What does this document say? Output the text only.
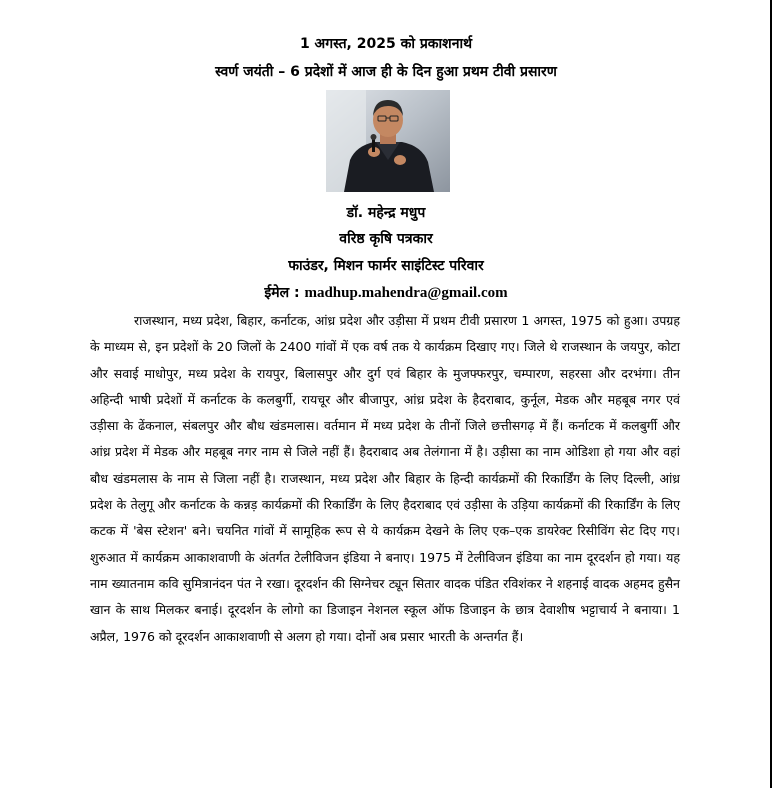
1 अगस्त, 2025 को प्रकाशनार्थ
स्वर्ण जयंती – 6 प्रदेशों में आज ही के दिन हुआ प्रथम टीवी प्रसारण
डॉ. महेन्द्र मधुप
वरिष्ठ कृषि पत्रकार
फाउंडर, मिशन फार्मर साइंटिस्ट परिवार
ईमेल : madhup.mahendra@gmail.com

राजस्थान, मध्य प्रदेश, बिहार, कर्नाटक, आंध्र प्रदेश और उड़ीसा में प्रथम टीवी प्रसारण 1 अगस्त, 1975 को हुआ। उपग्रह के माध्यम से, इन प्रदेशों के 20 जिलों के 2400 गांवों में एक वर्ष तक ये कार्यक्रम दिखाए गए। जिले थे राजस्थान के जयपुर, कोटा और सवाई माधोपुर, मध्य प्रदेश के रायपुर, बिलासपुर और दुर्ग एवं बिहार के मुजफ्फरपुर, चम्पारण, सहरसा और दरभंगा। तीन अहिन्दी भाषी प्रदेशों में कर्नाटक के कलबुर्गी, रायचूर और बीजापुर, आंध्र प्रदेश के हैदराबाद, कुर्नूल, मेडक और महबूब नगर एवं उड़ीसा के ढेंकनाल, संबलपुर और बौध खंडमलास। वर्तमान में मध्य प्रदेश के तीनों जिले छत्तीसगढ़ में हैं। कर्नाटक में कलबुर्गी और आंध्र प्रदेश में मेडक और महबूब नगर नाम से जिले नहीं हैं। हैदराबाद अब तेलंगाना में है। उड़ीसा का नाम ओडिशा हो गया और वहां बौध खंडमलास के नाम से जिला नहीं है। राजस्थान, मध्य प्रदेश और बिहार के हिन्दी कार्यक्रमों की रिकार्डिंग के लिए दिल्ली, आंध्र प्रदेश के तेलुगू और कर्नाटक के कन्नड़ कार्यक्रमों की रिकार्डिंग के लिए हैदराबाद एवं उड़ीसा के उड़िया कार्यक्रमों की रिकार्डिंग के लिए कटक में 'बेस स्टेशन' बने। चयनित गांवों में सामूहिक रूप से ये कार्यक्रम देखने के लिए एक–एक डायरेक्ट रिसीविंग सेट दिए गए। शुरुआत में कार्यक्रम आकाशवाणी के अंतर्गत टेलीविजन इंडिया ने बनाए। 1975 में टेलीविजन इंडिया का नाम दूरदर्शन हो गया। यह नाम ख्यातनाम कवि सुमित्रानंदन पंत ने रखा। दूरदर्शन की सिग्नेचर ट्यून सितार वादक पंडित रविशंकर ने शहनाई वादक अहमद हुसैन खान के साथ मिलकर बनाई। दूरदर्शन के लोगो का डिजाइन नेशनल स्कूल ऑफ डिजाइन के छात्र देवाशीष भट्टाचार्य ने बनाया। 1 अप्रैल, 1976 को दूरदर्शन आकाशवाणी से अलग हो गया। दोनों अब प्रसार भारती के अन्तर्गत हैं।
